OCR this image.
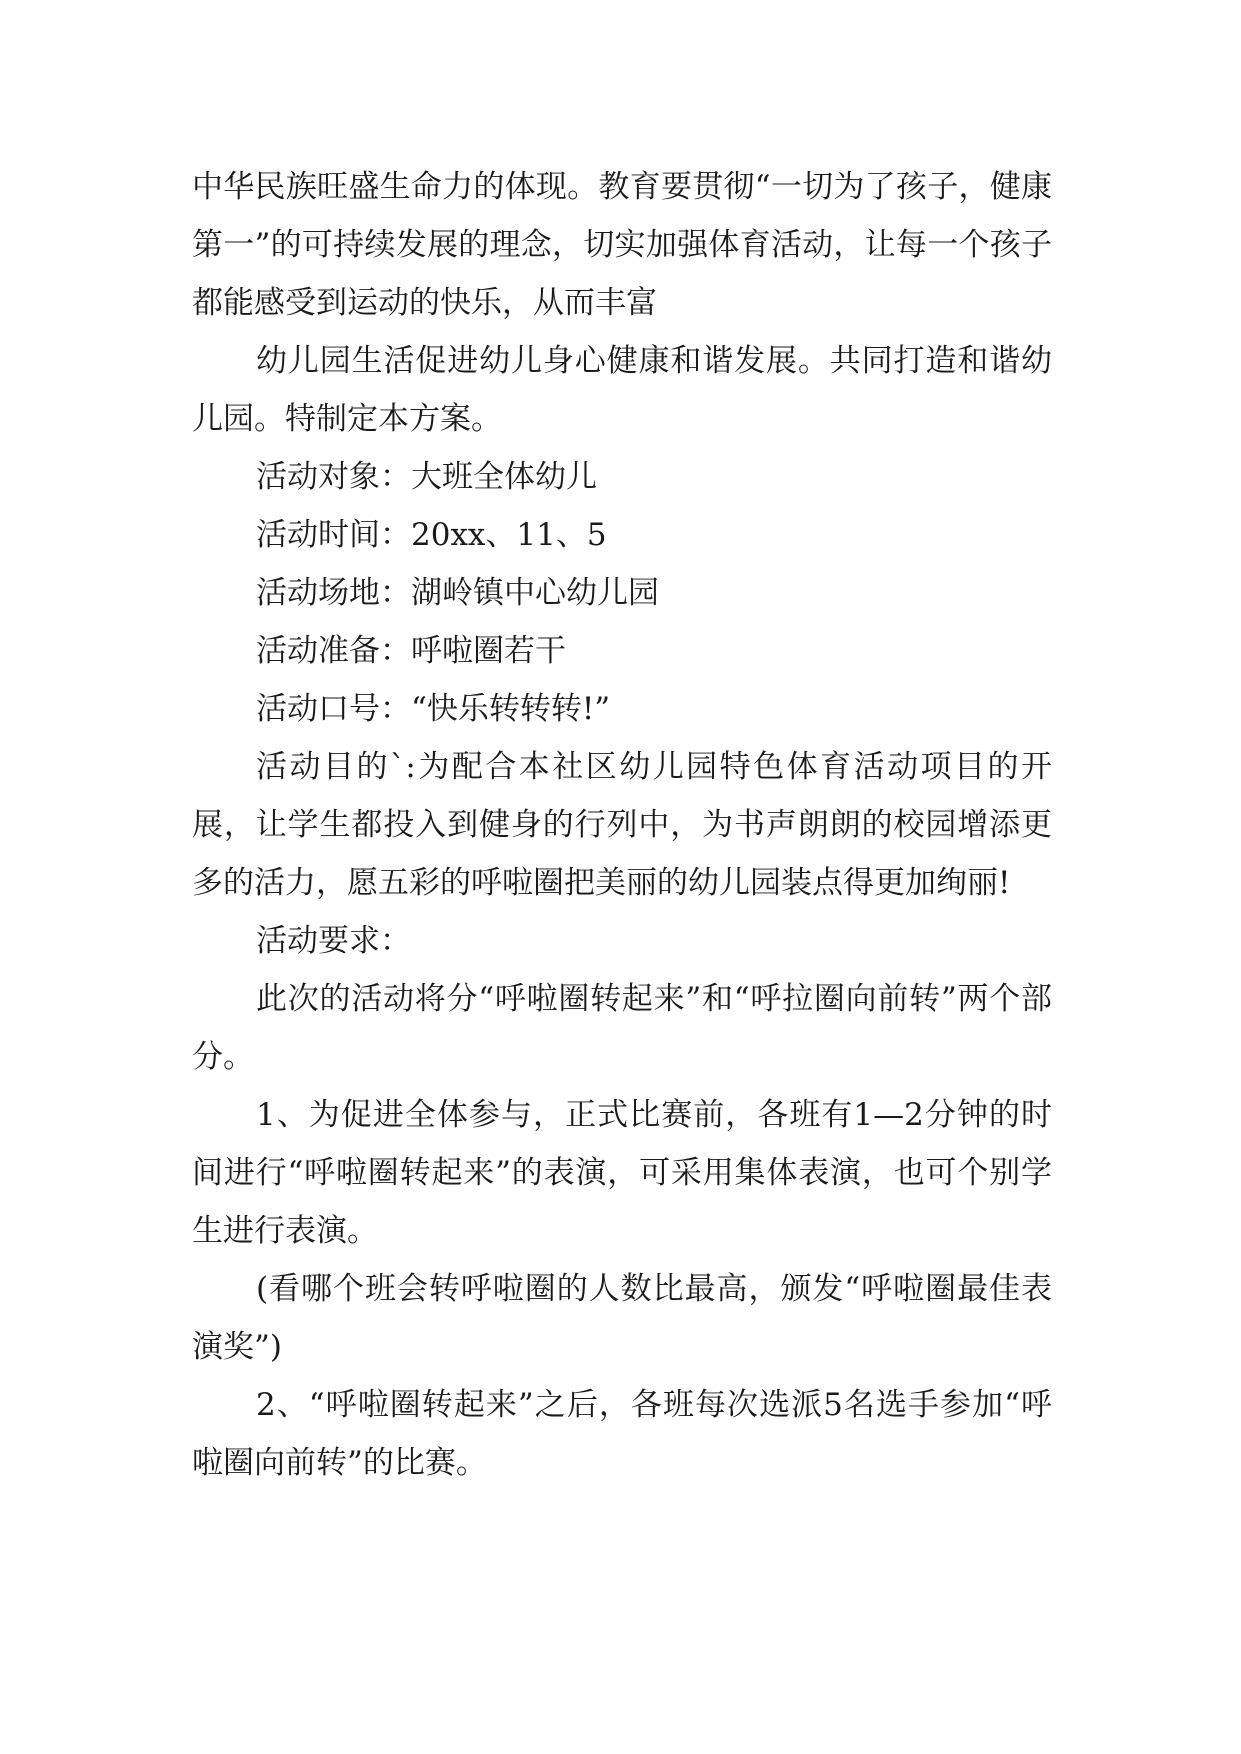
中华民族旺盛生命力的体现。教育要贯彻“一切为了孩子，健康第一”的可持续发展的理念，切实加强体育活动，让每一个孩子都能感受到运动的快乐，从而丰富

幼儿园生活促进幼儿身心健康和谐发展。共同打造和谐幼儿园。特制定本方案。

活动对象：大班全体幼儿

活动时间：20xx、11、5

活动场地：湖岭镇中心幼儿园

活动准备：呼啦圈若干

活动口号：“快乐转转转!”

活动目的`:为配合本社区幼儿园特色体育活动项目的开展，让学生都投入到健身的行列中，为书声朗朗的校园增添更多的活力，愿五彩的呼啦圈把美丽的幼儿园装点得更加绚丽!

活动要求：

此次的活动将分“呼啦圈转起来”和“呼拉圈向前转”两个部分。

1、为促进全体参与，正式比赛前，各班有1—2分钟的时间进行“呼啦圈转起来”的表演，可采用集体表演，也可个别学生进行表演。

(看哪个班会转呼啦圈的人数比最高，颁发“呼啦圈最佳表演奖”)

2、“呼啦圈转起来”之后，各班每次选派5名选手参加“呼啦圈向前转”的比赛。
